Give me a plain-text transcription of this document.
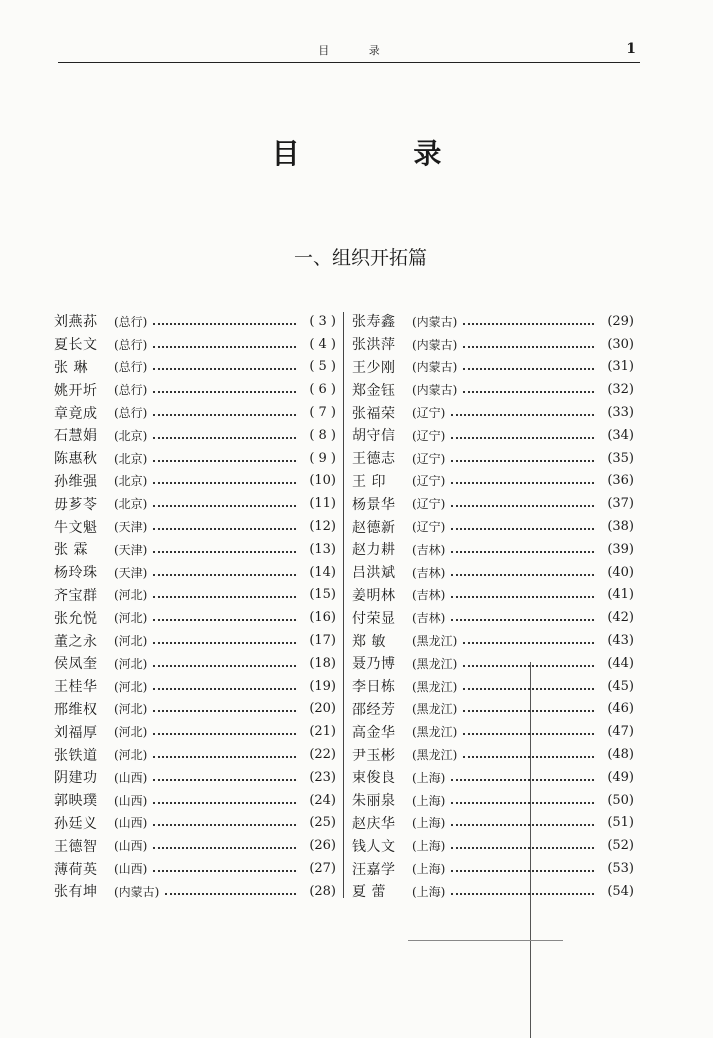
目 录	1
目 录
一、组织开拓篇
刘燕荪	(总行)	( 3 )
夏长文	(总行)	( 4 )
张 琳	(总行)	( 5 )
姚开圻	(总行)	( 6 )
章竟成	(总行)	( 7 )
石慧娟	(北京)	( 8 )
陈惠秋	(北京)	( 9 )
孙维强	(北京)	(10)
毋芗苓	(北京)	(11)
牛文魁	(天津)	(12)
张 霖	(天津)	(13)
杨玲珠	(天津)	(14)
齐宝群	(河北)	(15)
张允悦	(河北)	(16)
董之永	(河北)	(17)
侯凤奎	(河北)	(18)
王桂华	(河北)	(19)
邢维权	(河北)	(20)
刘福厚	(河北)	(21)
张铁道	(河北)	(22)
阴建功	(山西)	(23)
郭映璞	(山西)	(24)
孙廷义	(山西)	(25)
王德智	(山西)	(26)
薄荷英	(山西)	(27)
张有坤	(内蒙古)	(28)
张寿鑫	(内蒙古)	(29)
张洪萍	(内蒙古)	(30)
王少刚	(内蒙古)	(31)
郑金钰	(内蒙古)	(32)
张福荣	(辽宁)	(33)
胡守信	(辽宁)	(34)
王德志	(辽宁)	(35)
王 印	(辽宁)	(36)
杨景华	(辽宁)	(37)
赵德新	(辽宁)	(38)
赵力耕	(吉林)	(39)
吕洪斌	(吉林)	(40)
姜明林	(吉林)	(41)
付荣显	(吉林)	(42)
郑 敏	(黑龙江)	(43)
聂乃博	(黑龙江)	(44)
李日栋	(黑龙江)	(45)
邵经芳	(黑龙江)	(46)
高金华	(黑龙江)	(47)
尹玉彬	(黑龙江)	(48)
束俊良	(上海)	(49)
朱丽泉	(上海)	(50)
赵庆华	(上海)	(51)
钱人文	(上海)	(52)
汪嘉学	(上海)	(53)
夏 蕾	(上海)	(54)
